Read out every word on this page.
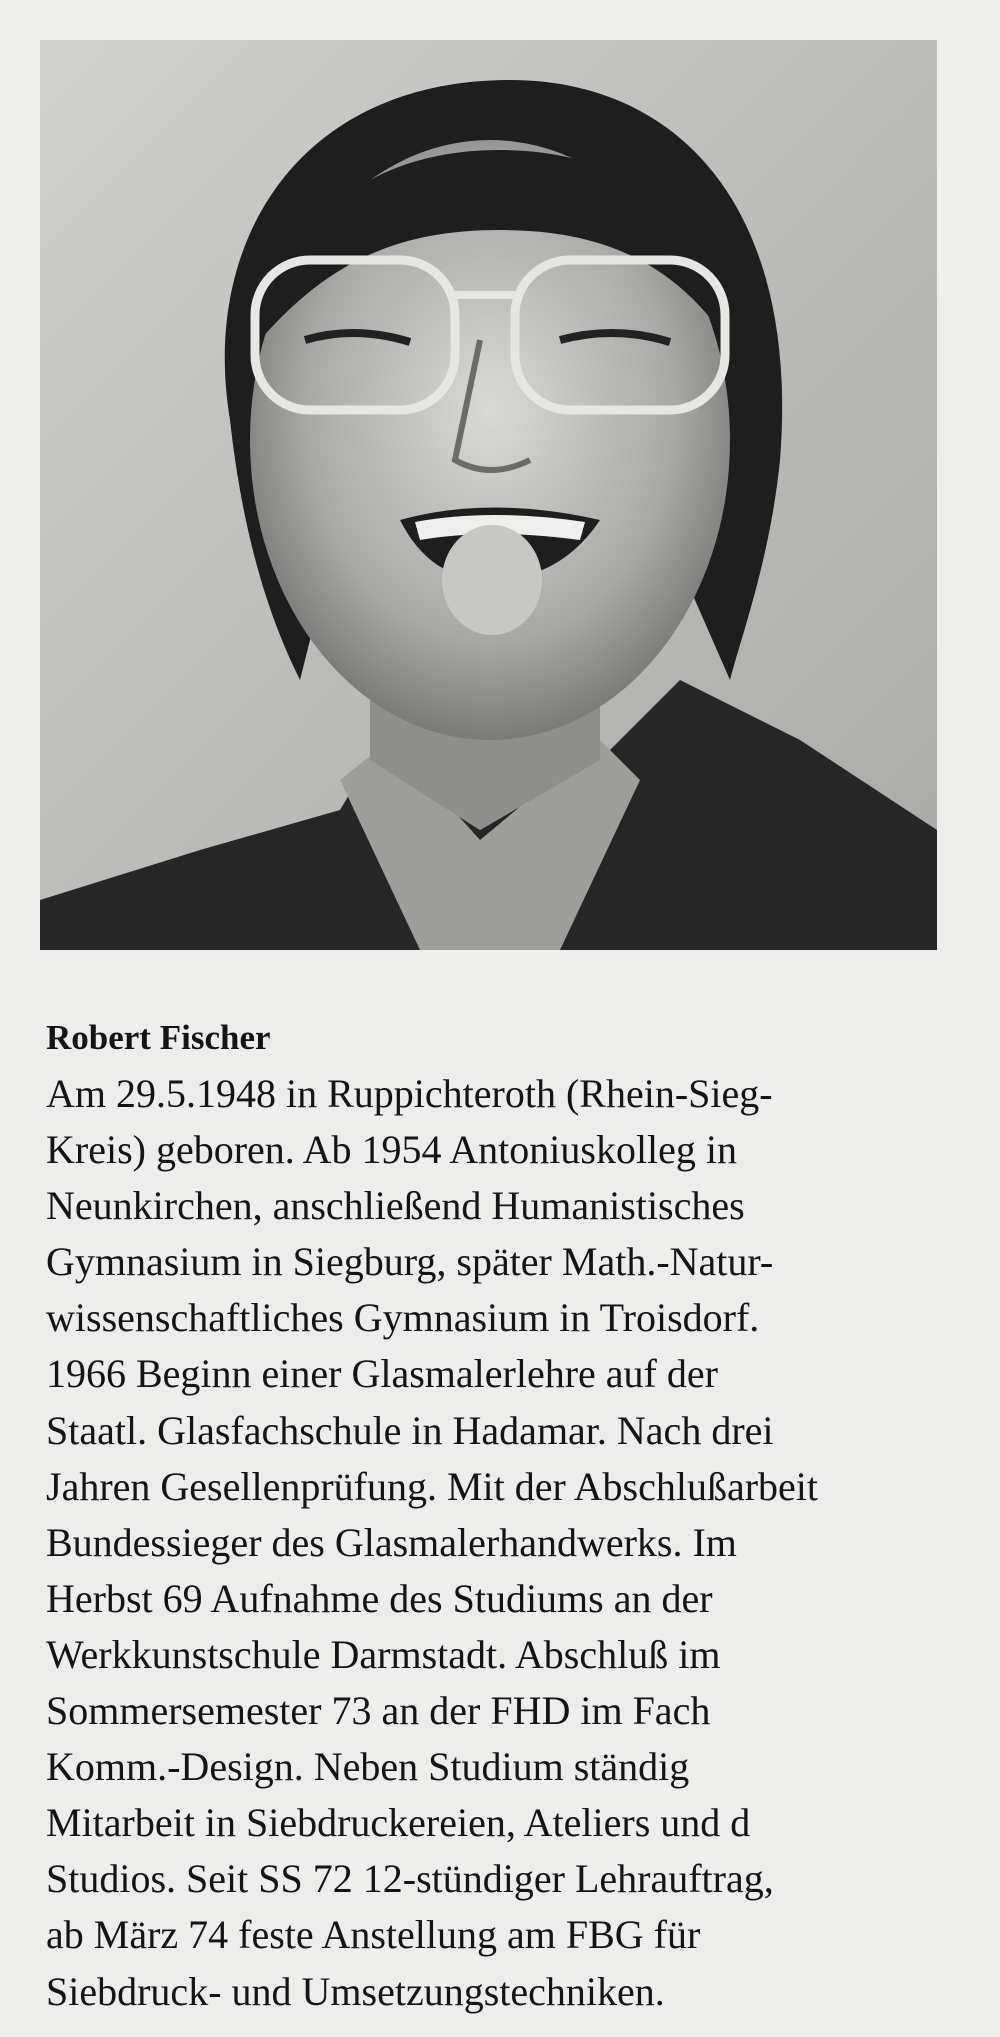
Robert Fischer

Am 29.5.1948 in Ruppichteroth (Rhein-Sieg-

Kreis) geboren. Ab 1954 Antoniuskolleg in

Neunkirchen, anschließend Humanistisches

Gymnasium in Siegburg, später Math.-Natur-

wissenschaftliches Gymnasium in Troisdorf.

1966 Beginn einer Glasmalerlehre auf der

Staatl. Glasfachschule in Hadamar. Nach drei

Jahren Gesellenprüfung. Mit der Abschlußarbeit

Bundessieger des Glasmalerhandwerks. Im

Herbst 69 Aufnahme des Studiums an der

Werkkunstschule Darmstadt. Abschluß im

Sommersemester 73 an der FHD im Fach

Komm.-Design. Neben Studium ständig

Mitarbeit in Siebdruckereien, Ateliers und d

Studios. Seit SS 72 12-stündiger Lehrauftrag,

ab März 74 feste Anstellung am FBG für

Siebdruck- und Umsetzungstechniken.
